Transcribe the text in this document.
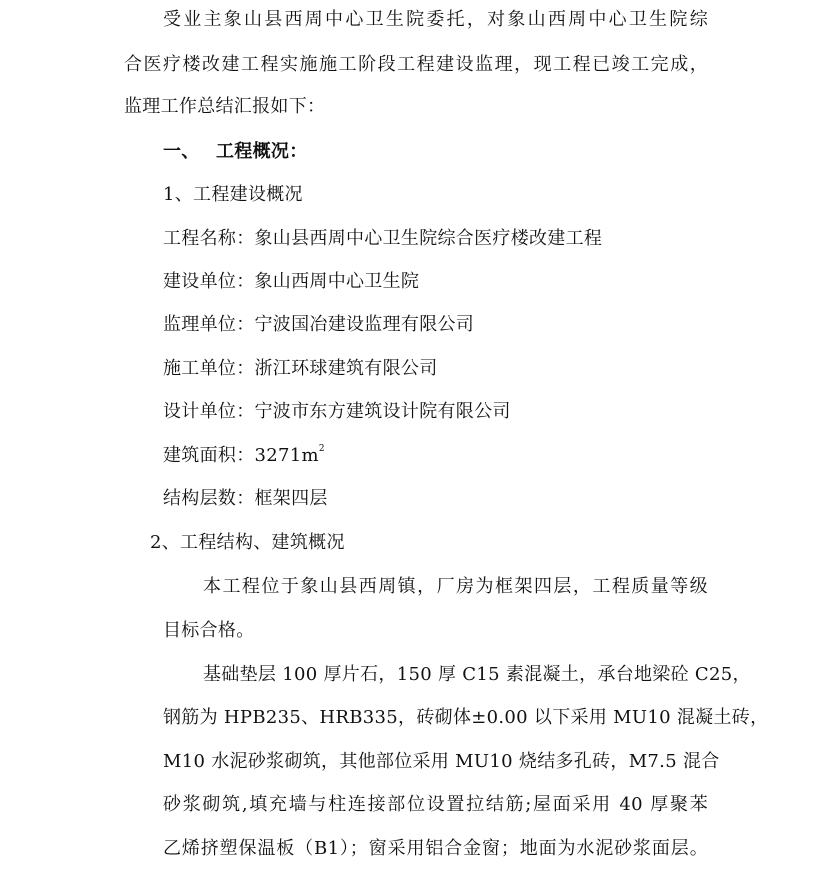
受业主象山县西周中心卫生院委托，对象山西周中心卫生院综
合医疗楼改建工程实施施工阶段工程建设监理，现工程已竣工完成，
监理工作总结汇报如下：
一、 工程概况：
1、工程建设概况
工程名称：象山县西周中心卫生院综合医疗楼改建工程
建设单位：象山西周中心卫生院
监理单位：宁波国冶建设监理有限公司
施工单位：浙江环球建筑有限公司
设计单位：宁波市东方建筑设计院有限公司
建筑面积：$3271m^2$
结构层数：框架四层
2、工程结构、建筑概况
本工程位于象山县西周镇，厂房为框架四层，工程质量等级
目标合格。
基础垫层 100 厚片石，150 厚 C15 素混凝土，承台地梁砼 C25，
钢筋为 HPB235、HRB335，砖砌体±0.00 以下采用 MU10 混凝土砖，
M10 水泥砂浆砌筑，其他部位采用 MU10 烧结多孔砖，M7.5 混合
砂浆砌筑,填充墙与柱连接部位设置拉结筋;屋面采用 40 厚聚苯
乙烯挤塑保温板（B1）；窗采用铝合金窗；地面为水泥砂浆面层。
